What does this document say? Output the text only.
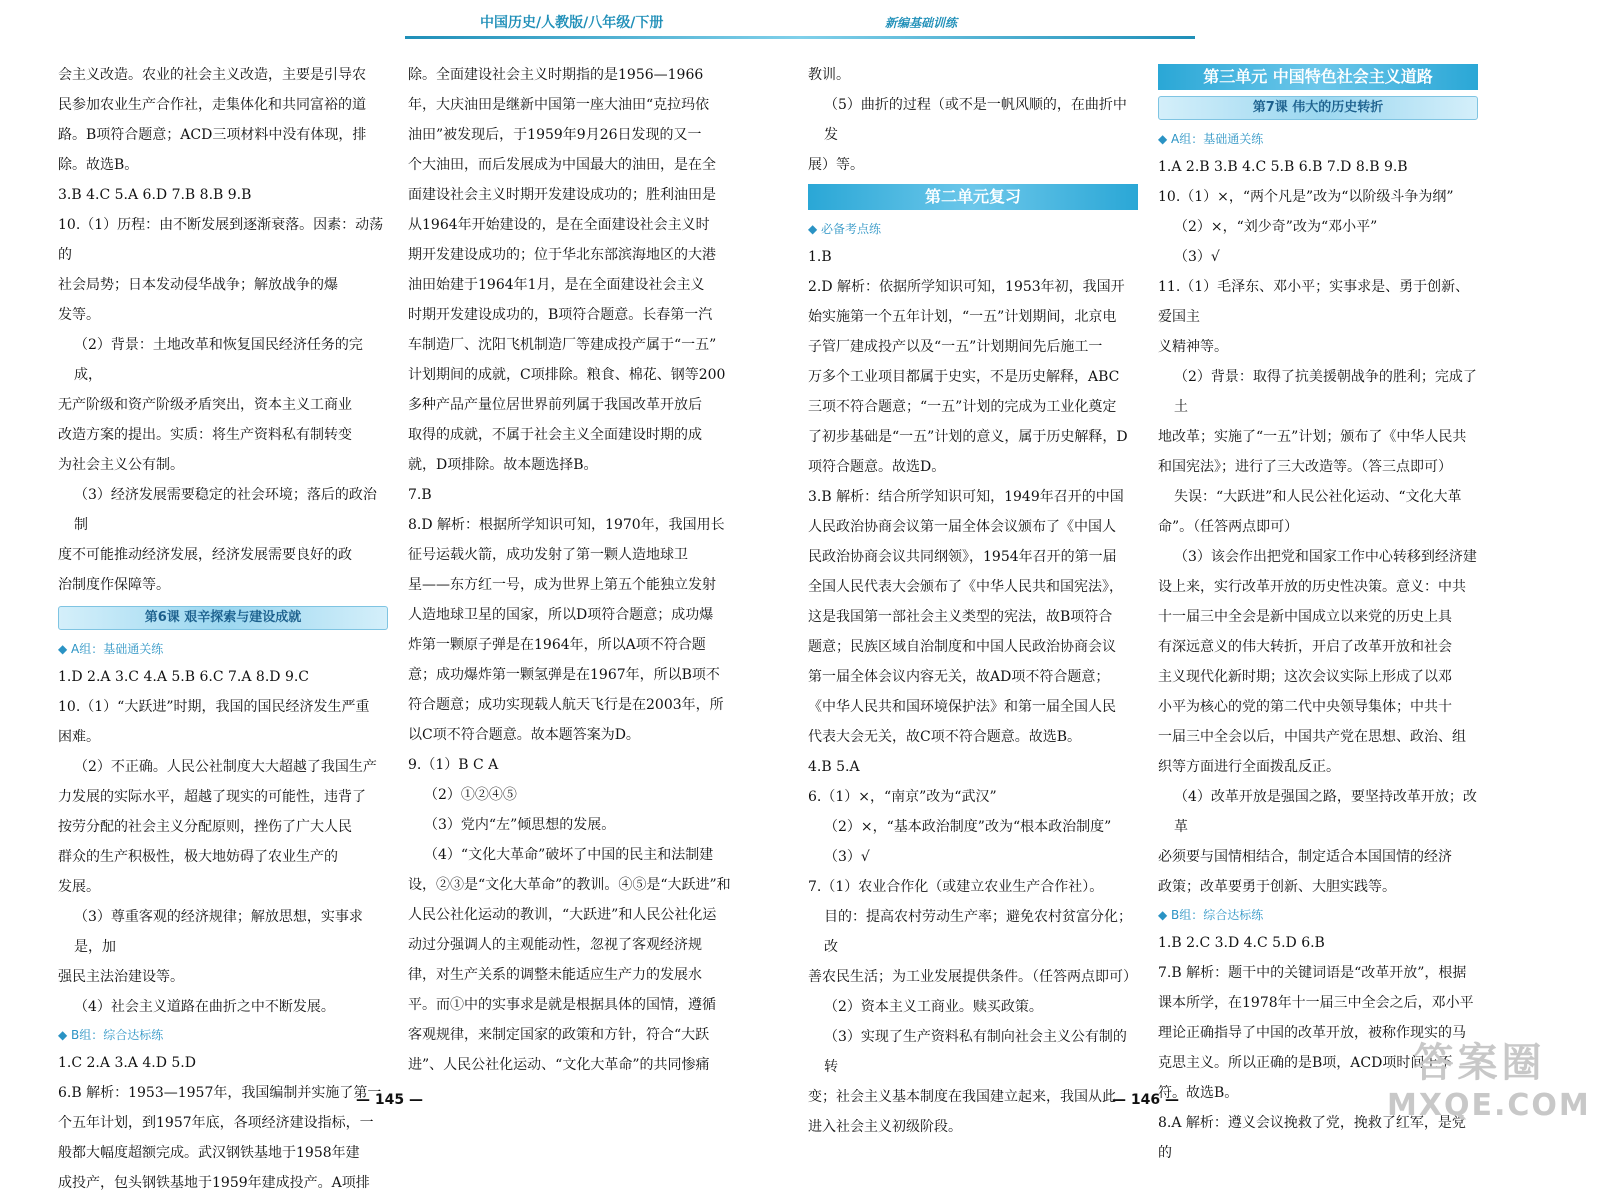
中国历史/人教版/八年级/下册	新编基础训练

会主义改造。农业的社会主义改造，主要是引导农

民参加农业生产合作社，走集体化和共同富裕的道

路。B项符合题意；ACD三项材料中没有体现，排

除。故选B。

3.B 4.C 5.A 6.D 7.B 8.B 9.B

10.（1）历程：由不断发展到逐渐衰落。因素：动荡的

社会局势；日本发动侵华战争；解放战争的爆

发等。

（2）背景：土地改革和恢复国民经济任务的完成，

无产阶级和资产阶级矛盾突出，资本主义工商业

改造方案的提出。实质：将生产资料私有制转变

为社会主义公有制。

（3）经济发展需要稳定的社会环境；落后的政治制

度不可能推动经济发展，经济发展需要良好的政

治制度作保障等。

第6课 艰辛探索与建设成就
◆ A组：基础通关练

1.D 2.A 3.C 4.A 5.B 6.C 7.A 8.D 9.C

10.（1）“大跃进”时期，我国的国民经济发生严重

困难。

（2）不正确。人民公社制度大大超越了我国生产

力发展的实际水平，超越了现实的可能性，违背了

按劳分配的社会主义分配原则，挫伤了广大人民

群众的生产积极性，极大地妨碍了农业生产的

发展。

（3）尊重客观的经济规律；解放思想，实事求是，加

强民主法治建设等。

（4）社会主义道路在曲折之中不断发展。

◆ B组：综合达标练

1.C 2.A 3.A 4.D 5.D

6.B 解析：1953—1957年，我国编制并实施了第一

个五年计划，到1957年底，各项经济建设指标，一

般都大幅度超额完成。武汉钢铁基地于1958年建

成投产，包头钢铁基地于1959年建成投产。A项排

除。全面建设社会主义时期指的是1956—1966

年，大庆油田是继新中国第一座大油田“克拉玛依

油田”被发现后，于1959年9月26日发现的又一

个大油田，而后发展成为中国最大的油田，是在全

面建设社会主义时期开发建设成功的；胜利油田是

从1964年开始建设的，是在全面建设社会主义时

期开发建设成功的；位于华北东部滨海地区的大港

油田始建于1964年1月，是在全面建设社会主义

时期开发建设成功的，B项符合题意。长春第一汽

车制造厂、沈阳飞机制造厂等建成投产属于“一五”

计划期间的成就，C项排除。粮食、棉花、钢等200

多种产品产量位居世界前列属于我国改革开放后

取得的成就，不属于社会主义全面建设时期的成

就，D项排除。故本题选择B。

7.B

8.D 解析：根据所学知识可知，1970年，我国用长

征号运载火箭，成功发射了第一颗人造地球卫

星——东方红一号，成为世界上第五个能独立发射

人造地球卫星的国家，所以D项符合题意；成功爆

炸第一颗原子弹是在1964年，所以A项不符合题

意；成功爆炸第一颗氢弹是在1967年，所以B项不

符合题意；成功实现载人航天飞行是在2003年，所

以C项不符合题意。故本题答案为D。

9.（1）B C A

（2）①②④⑤

（3）党内“左”倾思想的发展。

（4）“文化大革命”破坏了中国的民主和法制建

设，②③是“文化大革命”的教训。④⑤是“大跃进”和

人民公社化运动的教训，“大跃进”和人民公社化运

动过分强调人的主观能动性，忽视了客观经济规

律，对生产关系的调整未能适应生产力的发展水

平。而①中的实事求是就是根据具体的国情，遵循

客观规律，来制定国家的政策和方针，符合“大跃

进”、人民公社化运动、“文化大革命”的共同惨痛

教训。

（5）曲折的过程（或不是一帆风顺的，在曲折中发

展）等。

第二单元复习
◆ 必备考点练

1.B

2.D 解析：依据所学知识可知，1953年初，我国开

始实施第一个五年计划，“一五”计划期间，北京电

子管厂建成投产以及“一五”计划期间先后施工一

万多个工业项目都属于史实，不是历史解释，ABC

三项不符合题意；“一五”计划的完成为工业化奠定

了初步基础是“一五”计划的意义，属于历史解释，D

项符合题意。故选D。

3.B 解析：结合所学知识可知，1949年召开的中国

人民政治协商会议第一届全体会议颁布了《中国人

民政治协商会议共同纲领》，1954年召开的第一届

全国人民代表大会颁布了《中华人民共和国宪法》，

这是我国第一部社会主义类型的宪法，故B项符合

题意；民族区域自治制度和中国人民政治协商会议

第一届全体会议内容无关，故AD项不符合题意；

《中华人民共和国环境保护法》和第一届全国人民

代表大会无关，故C项不符合题意。故选B。

4.B 5.A

6.（1）×，“南京”改为“武汉”

（2）×，“基本政治制度”改为“根本政治制度”

（3）√

7.（1）农业合作化（或建立农业生产合作社）。

目的：提高农村劳动生产率；避免农村贫富分化；改

善农民生活；为工业发展提供条件。（任答两点即可）

（2）资本主义工商业。赎买政策。

（3）实现了生产资料私有制向社会主义公有制的转

变；社会主义基本制度在我国建立起来，我国从此

进入社会主义初级阶段。

第三单元 中国特色社会主义道路
第7课 伟大的历史转折
◆ A组：基础通关练

1.A 2.B 3.B 4.C 5.B 6.B 7.D 8.B 9.B

10.（1）×，“两个凡是”改为“以阶级斗争为纲”

（2）×，“刘少奇”改为“邓小平”

（3）√

11.（1）毛泽东、邓小平；实事求是、勇于创新、爱国主

义精神等。

（2）背景：取得了抗美援朝战争的胜利；完成了土

地改革；实施了“一五”计划；颁布了《中华人民共

和国宪法》；进行了三大改造等。（答三点即可）

失误：“大跃进”和人民公社化运动、“文化大革

命”。（任答两点即可）

（3）该会作出把党和国家工作中心转移到经济建

设上来，实行改革开放的历史性决策。意义：中共

十一届三中全会是新中国成立以来党的历史上具

有深远意义的伟大转折，开启了改革开放和社会

主义现代化新时期；这次会议实际上形成了以邓

小平为核心的党的第二代中央领导集体；中共十

一届三中全会以后，中国共产党在思想、政治、组

织等方面进行全面拨乱反正。

（4）改革开放是强国之路，要坚持改革开放；改革

必须要与国情相结合，制定适合本国国情的经济

政策；改革要勇于创新、大胆实践等。

◆ B组：综合达标练

1.B 2.C 3.D 4.C 5.D 6.B

7.B 解析：题干中的关键词语是“改革开放”，根据

课本所学，在1978年十一届三中全会之后，邓小平

理论正确指导了中国的改革开放，被称作现实的马

克思主义。所以正确的是B项，ACD项时间上不

符。故选B。

8.A 解析：遵义会议挽救了党，挽救了红军，是党的

— 145 —	— 146 —
答案圈
MXQE.COM
